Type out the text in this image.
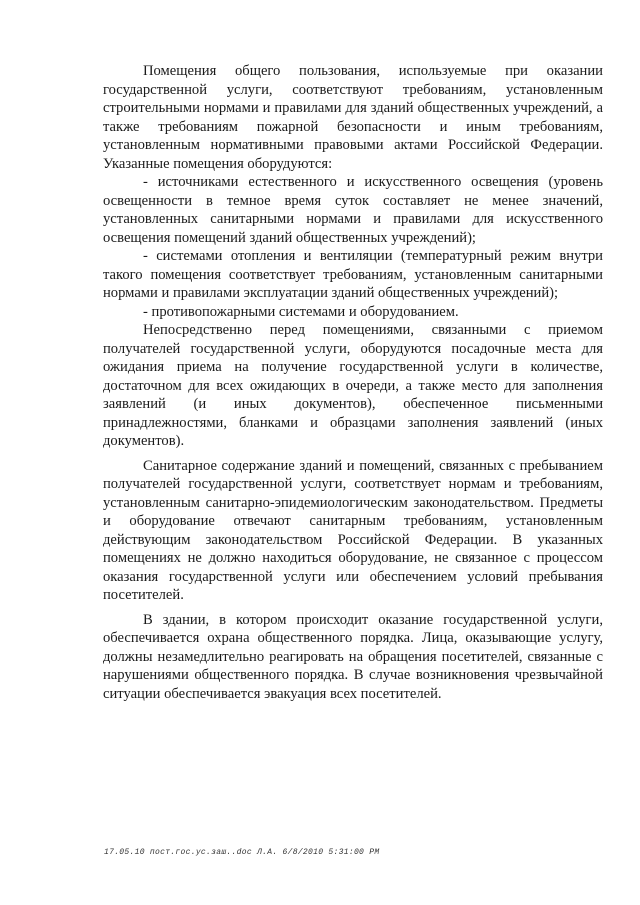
Помещения общего пользования, используемые при оказании государственной услуги, соответствуют требованиям, установленным строительными нормами и правилами для зданий общественных учреждений, а также требованиям пожарной безопасности и иным требованиям, установленным нормативными правовыми актами Российской Федерации. Указанные помещения оборудуются:

- источниками естественного и искусственного освещения (уровень освещенности в темное время суток составляет не менее значений, установленных санитарными нормами и правилами для искусственного освещения помещений зданий общественных учреждений);

- системами отопления и вентиляции (температурный режим внутри такого помещения соответствует требованиям, установленным санитарными нормами и правилами эксплуатации зданий общественных учреждений);

- противопожарными системами и оборудованием.

Непосредственно перед помещениями, связанными с приемом получателей государственной услуги, оборудуются посадочные места для ожидания приема на получение государственной услуги в количестве, достаточном для всех ожидающих в очереди, а также место для заполнения заявлений (и иных документов), обеспеченное письменными принадлежностями, бланками и образцами заполнения заявлений (иных документов).

Санитарное содержание зданий и помещений, связанных с пребыванием получателей государственной услуги, соответствует нормам и требованиям, установленным санитарно-эпидемиологическим законодательством. Предметы и оборудование отвечают санитарным требованиям, установленным действующим законодательством Российской Федерации. В указанных помещениях не должно находиться оборудование, не связанное с процессом оказания государственной услуги или обеспечением условий пребывания посетителей.

В здании, в котором происходит оказание государственной услуги, обеспечивается охрана общественного порядка. Лица, оказывающие услугу, должны незамедлительно реагировать на обращения посетителей, связанные с нарушениями общественного порядка. В случае возникновения чрезвычайной ситуации обеспечивается эвакуация всех посетителей.

17.05.10 пост.гос.ус.заш..doc Л.А. 6/8/2010 5:31:00 PM
